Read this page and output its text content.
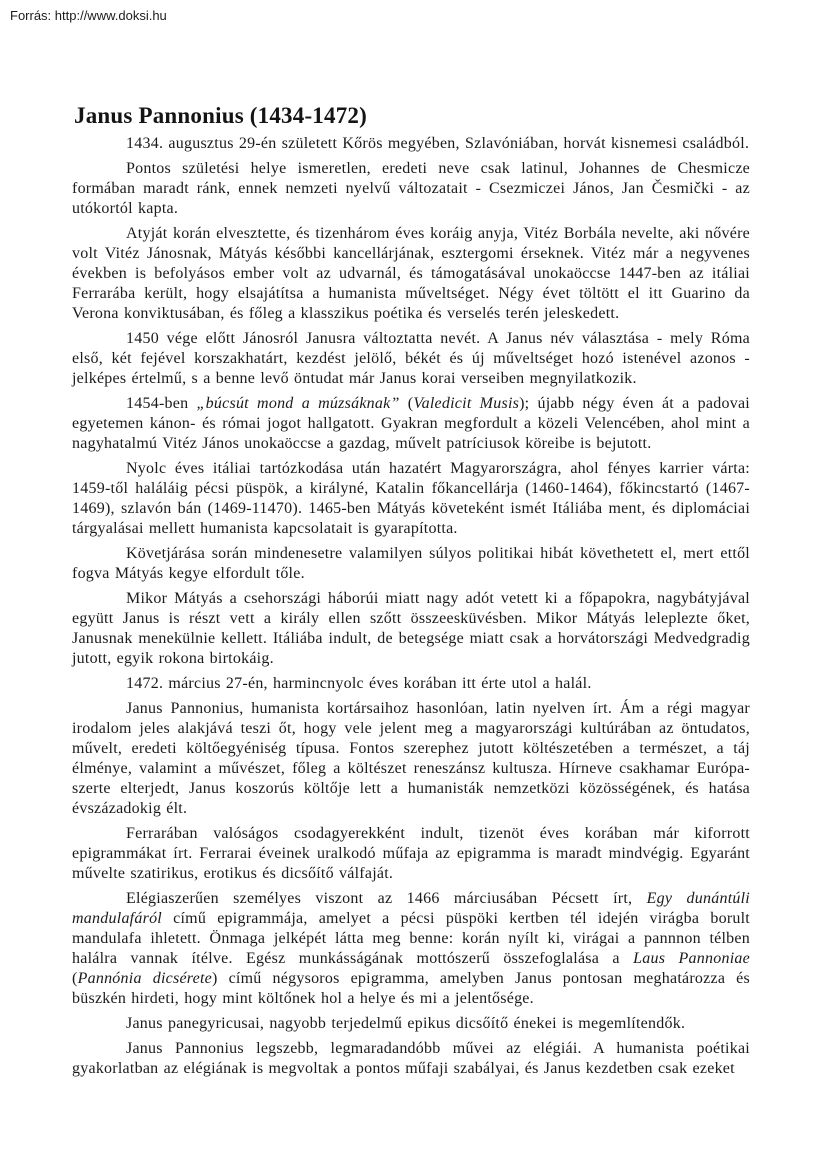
Forrás: http://www.doksi.hu
Janus Pannonius (1434-1472)

1434. augusztus 29-én született Kőrös megyében, Szlavóniában, horvát kisnemesi családból.

Pontos születési helye ismeretlen, eredeti neve csak latinul, Johannes de Chesmicze formában maradt ránk, ennek nemzeti nyelvű változatait - Csezmiczei János, Jan Česmički - az utókortól kapta.

Atyját korán elvesztette, és tizenhárom éves koráig anyja, Vitéz Borbála nevelte, aki nővére volt Vitéz Jánosnak, Mátyás későbbi kancellárjának, esztergomi érseknek. Vitéz már a negyvenes években is befolyásos ember volt az udvarnál, és támogatásával unokaöccse 1447-ben az itáliai Ferrarába került, hogy elsajátítsa a humanista műveltséget. Négy évet töltött el itt Guarino da Verona konviktusában, és főleg a klasszikus poétika és verselés terén jeleskedett.

1450 vége előtt Jánosról Janusra változtatta nevét. A Janus név választása - mely Róma első, két fejével korszakhatárt, kezdést jelölő, békét és új műveltséget hozó istenével azonos - jelképes értelmű, s a benne levő öntudat már Janus korai verseiben megnyilatkozik.

1454-ben „búcsút mond a múzsáknak” (Valedicit Musis); újabb négy éven át a padovai egyetemen kánon- és római jogot hallgatott. Gyakran megfordult a közeli Velencében, ahol mint a nagyhatalmú Vitéz János unokaöccse a gazdag, művelt patríciusok köreibe is bejutott.

Nyolc éves itáliai tartózkodása után hazatért Magyarországra, ahol fényes karrier várta: 1459-től haláláig pécsi püspök, a királyné, Katalin főkancellárja (1460-1464), főkincstartó (1467-1469), szlavón bán (1469-11470). 1465-ben Mátyás követeként ismét Itáliába ment, és diplomáciai tárgyalásai mellett humanista kapcsolatait is gyarapította.

Követjárása során mindenesetre valamilyen súlyos politikai hibát követhetett el, mert ettől fogva Mátyás kegye elfordult tőle.

Mikor Mátyás a csehországi háborúi miatt nagy adót vetett ki a főpapokra, nagybátyjával együtt Janus is részt vett a király ellen szőtt összeesküvésben. Mikor Mátyás leleplezte őket, Janusnak menekülnie kellett. Itáliába indult, de betegsége miatt csak a horvátországi Medvedgradig jutott, egyik rokona birtokáig.

1472. március 27-én, harmincnyolc éves korában itt érte utol a halál.

Janus Pannonius, humanista kortársaihoz hasonlóan, latin nyelven írt. Ám a régi magyar irodalom jeles alakjává teszi őt, hogy vele jelent meg a magyarországi kultúrában az öntudatos, művelt, eredeti költőegyéniség típusa. Fontos szerephez jutott költészetében a természet, a táj élménye, valamint a művészet, főleg a költészet reneszánsz kultusza. Hírneve csakhamar Európa-szerte elterjedt, Janus koszorús költője lett a humanisták nemzetközi közösségének, és hatása évszázadokig élt.

Ferrarában valóságos csodagyerekként indult, tizenöt éves korában már kiforrott epigrammákat írt. Ferrarai éveinek uralkodó műfaja az epigramma is maradt mindvégig. Egyaránt művelte szatirikus, erotikus és dicsőítő válfaját.

Elégiaszerűen személyes viszont az 1466 márciusában Pécsett írt, Egy dunántúli mandulafáról című epigrammája, amelyet a pécsi püspöki kertben tél idején virágba borult mandulafa ihletett. Önmaga jelképét látta meg benne: korán nyílt ki, virágai a pannnon télben halálra vannak ítélve. Egész munkásságának mottószerű összefoglalása a Laus Pannoniae (Pannónia dicsérete) című négysoros epigramma, amelyben Janus pontosan meghatározza és büszkén hirdeti, hogy mint költőnek hol a helye és mi a jelentősége.

Janus panegyricusai, nagyobb terjedelmű epikus dicsőítő énekei is megemlítendők.

Janus Pannonius legszebb, legmaradandóbb művei az elégiái. A humanista poétikai gyakorlatban az elégiának is megvoltak a pontos műfaji szabályai, és Janus kezdetben csak ezeket
